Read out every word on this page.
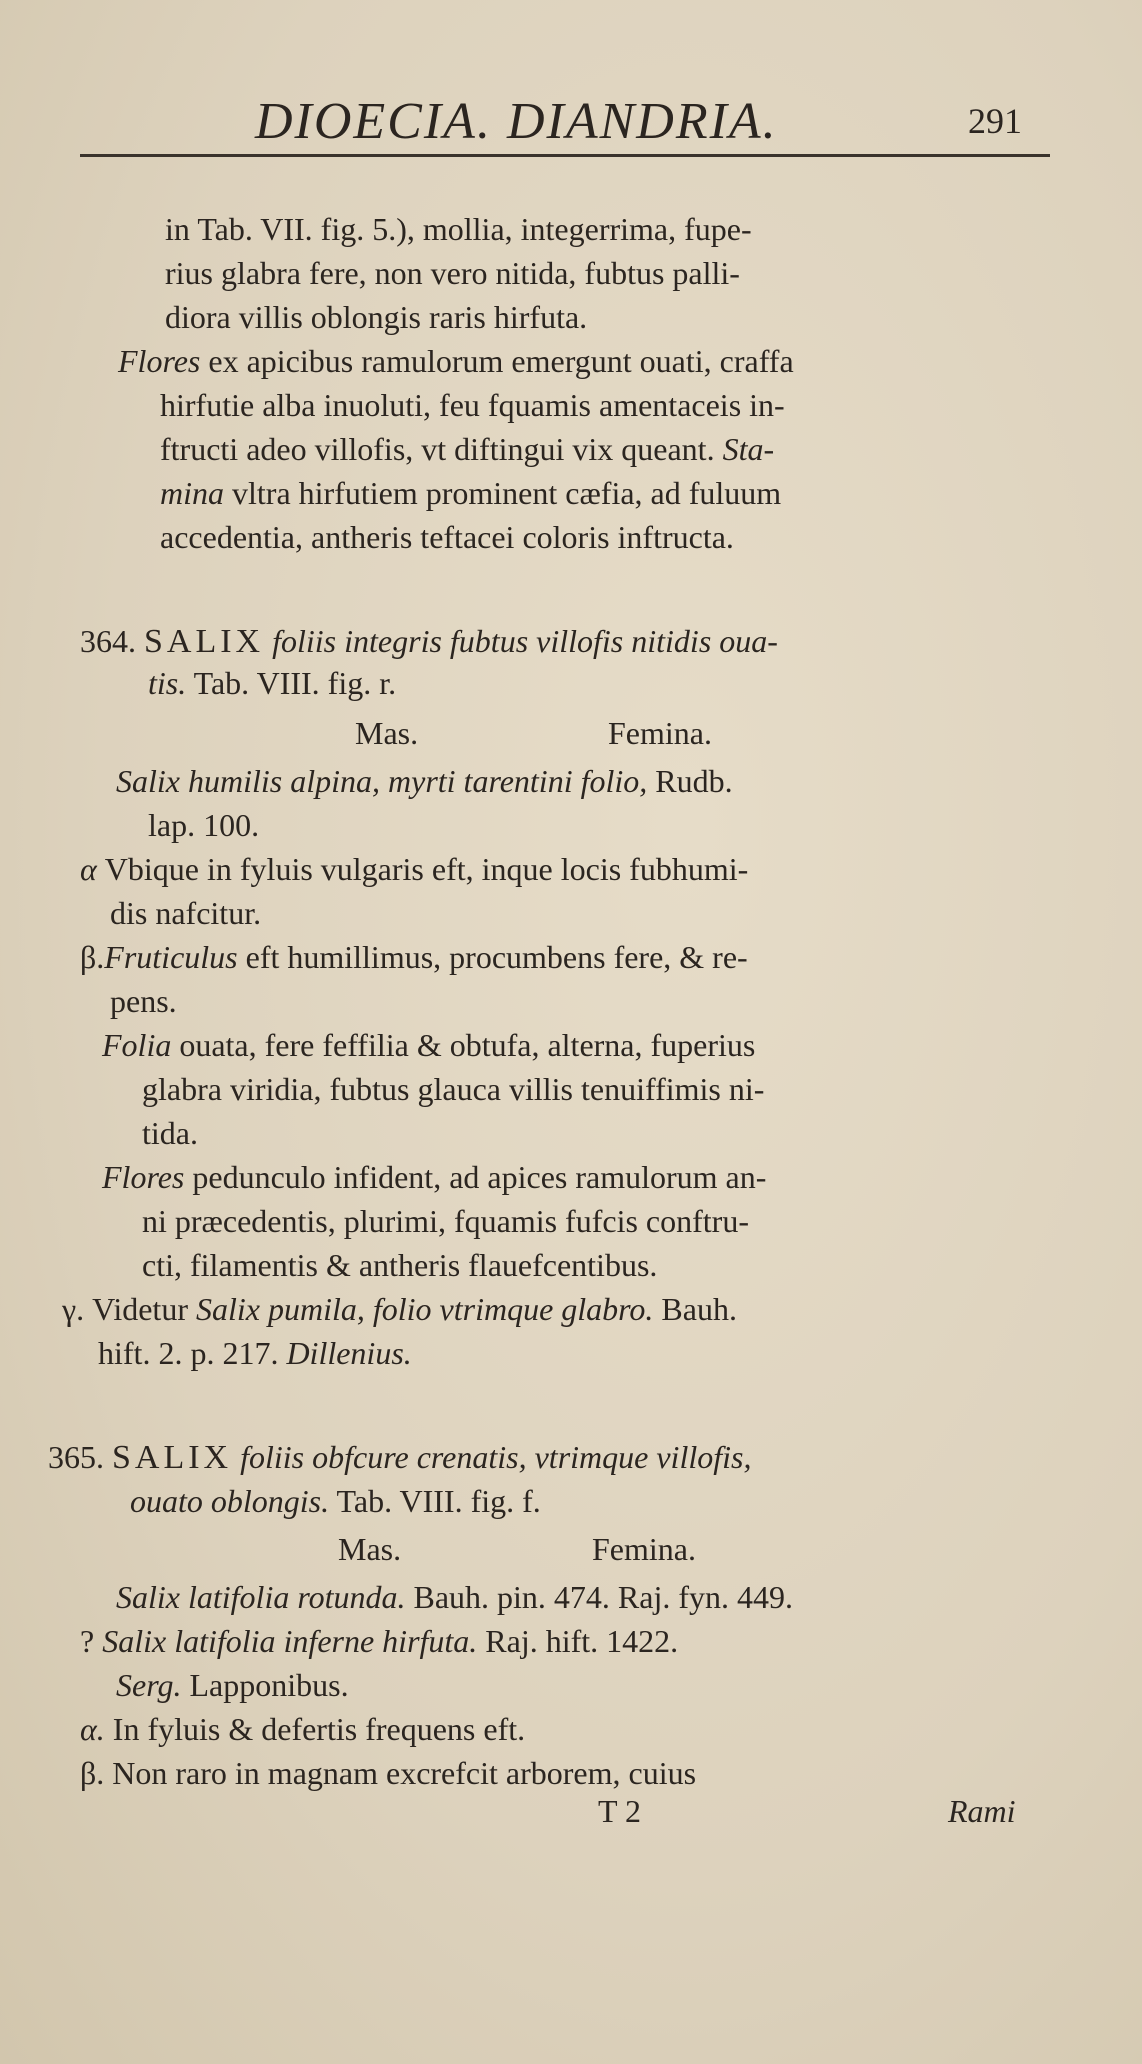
DIOECIA. DIANDRIA.	291
in Tab. VII. fig. 5.), mollia, integerrima, fupe-
rius glabra fere, non vero nitida, fubtus palli-
diora villis oblongis raris hirfuta.
Flores ex apicibus ramulorum emergunt ouati, craffa
hirfutie alba inuoluti, feu fquamis amentaceis in-
ftructi adeo villofis, vt diftingui vix queant. Sta-
mina vltra hirfutiem prominent cæfia, ad fuluum
accedentia, antheris teftacei coloris inftructa.
364. SALIX foliis integris fubtus villofis nitidis oua-
tis. Tab. VIII. fig. r.
Mas.	Femina.
Salix humilis alpina, myrti tarentini folio, Rudb.
lap. 100.
α Vbique in fyluis vulgaris eft, inque locis fubhumi-
dis nafcitur.
β.Fruticulus eft humillimus, procumbens fere, & re-
pens.
Folia ouata, fere feffilia & obtufa, alterna, fuperius
glabra viridia, fubtus glauca villis tenuiffimis ni-
tida.
Flores pedunculo infident, ad apices ramulorum an-
ni præcedentis, plurimi, fquamis fufcis conftru-
cti, filamentis & antheris flauefcentibus.
γ. Videtur Salix pumila, folio vtrimque glabro. Bauh.
hift. 2. p. 217. Dillenius.
365. SALIX foliis obfcure crenatis, vtrimque villofis,
ouato oblongis. Tab. VIII. fig. f.
Mas.	Femina.
Salix latifolia rotunda. Bauh. pin. 474. Raj. fyn. 449.
? Salix latifolia inferne hirfuta. Raj. hift. 1422.
Serg. Lapponibus.
α. In fyluis & defertis frequens eft.
β. Non raro in magnam excrefcit arborem, cuius
T 2	Rami
